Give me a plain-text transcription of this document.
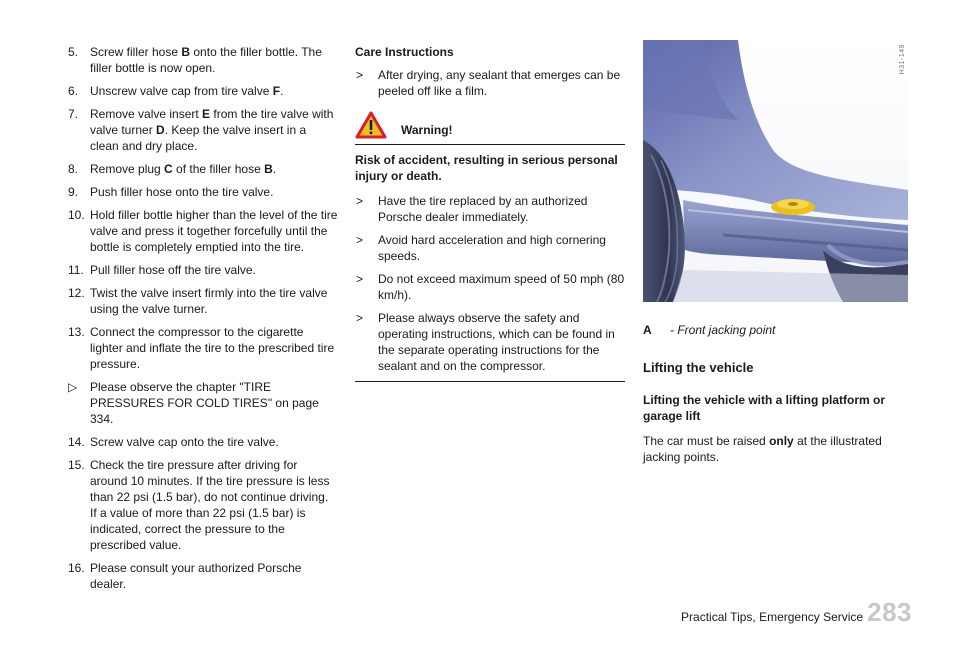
5. Screw filler hose B onto the filler bottle. The filler bottle is now open.
6. Unscrew valve cap from tire valve F.
7. Remove valve insert E from the tire valve with valve turner D. Keep the valve insert in a clean and dry place.
8. Remove plug C of the filler hose B.
9. Push filler hose onto the tire valve.
10. Hold filler bottle higher than the level of the tire valve and press it together forcefully until the bottle is completely emptied into the tire.
11. Pull filler hose off the tire valve.
12. Twist the valve insert firmly into the tire valve using the valve turner.
13. Connect the compressor to the cigarette lighter and inflate the tire to the prescribed tire pressure.
▷	Please observe the chapter "TIRE PRESSURES FOR COLD TIRES" on page 334.
14. Screw valve cap onto the tire valve.
15. Check the tire pressure after driving for around 10 minutes. If the tire pressure is less than 22 psi (1.5 bar), do not continue driving. If a value of more than 22 psi (1.5 bar) is indicated, correct the pressure to the prescribed value.
16. Please consult your authorized Porsche dealer.
Care Instructions
>	After drying, any sealant that emerges can be peeled off like a film.
Warning!
Risk of accident, resulting in serious personal injury or death.
>	Have the tire replaced by an authorized Porsche dealer immediately.
>	Avoid hard acceleration and high cornering speeds.
>	Do not exceed maximum speed of 50 mph (80 km/h).
>	Please always observe the safety and operating instructions, which can be found in the separate operating instructions for the sealant and on the compressor.
H31-149
A	- Front jacking point
Lifting the vehicle
Lifting the vehicle with a lifting platform or garage lift
The car must be raised only at the illustrated jacking points.
Practical Tips, Emergency Service 283
